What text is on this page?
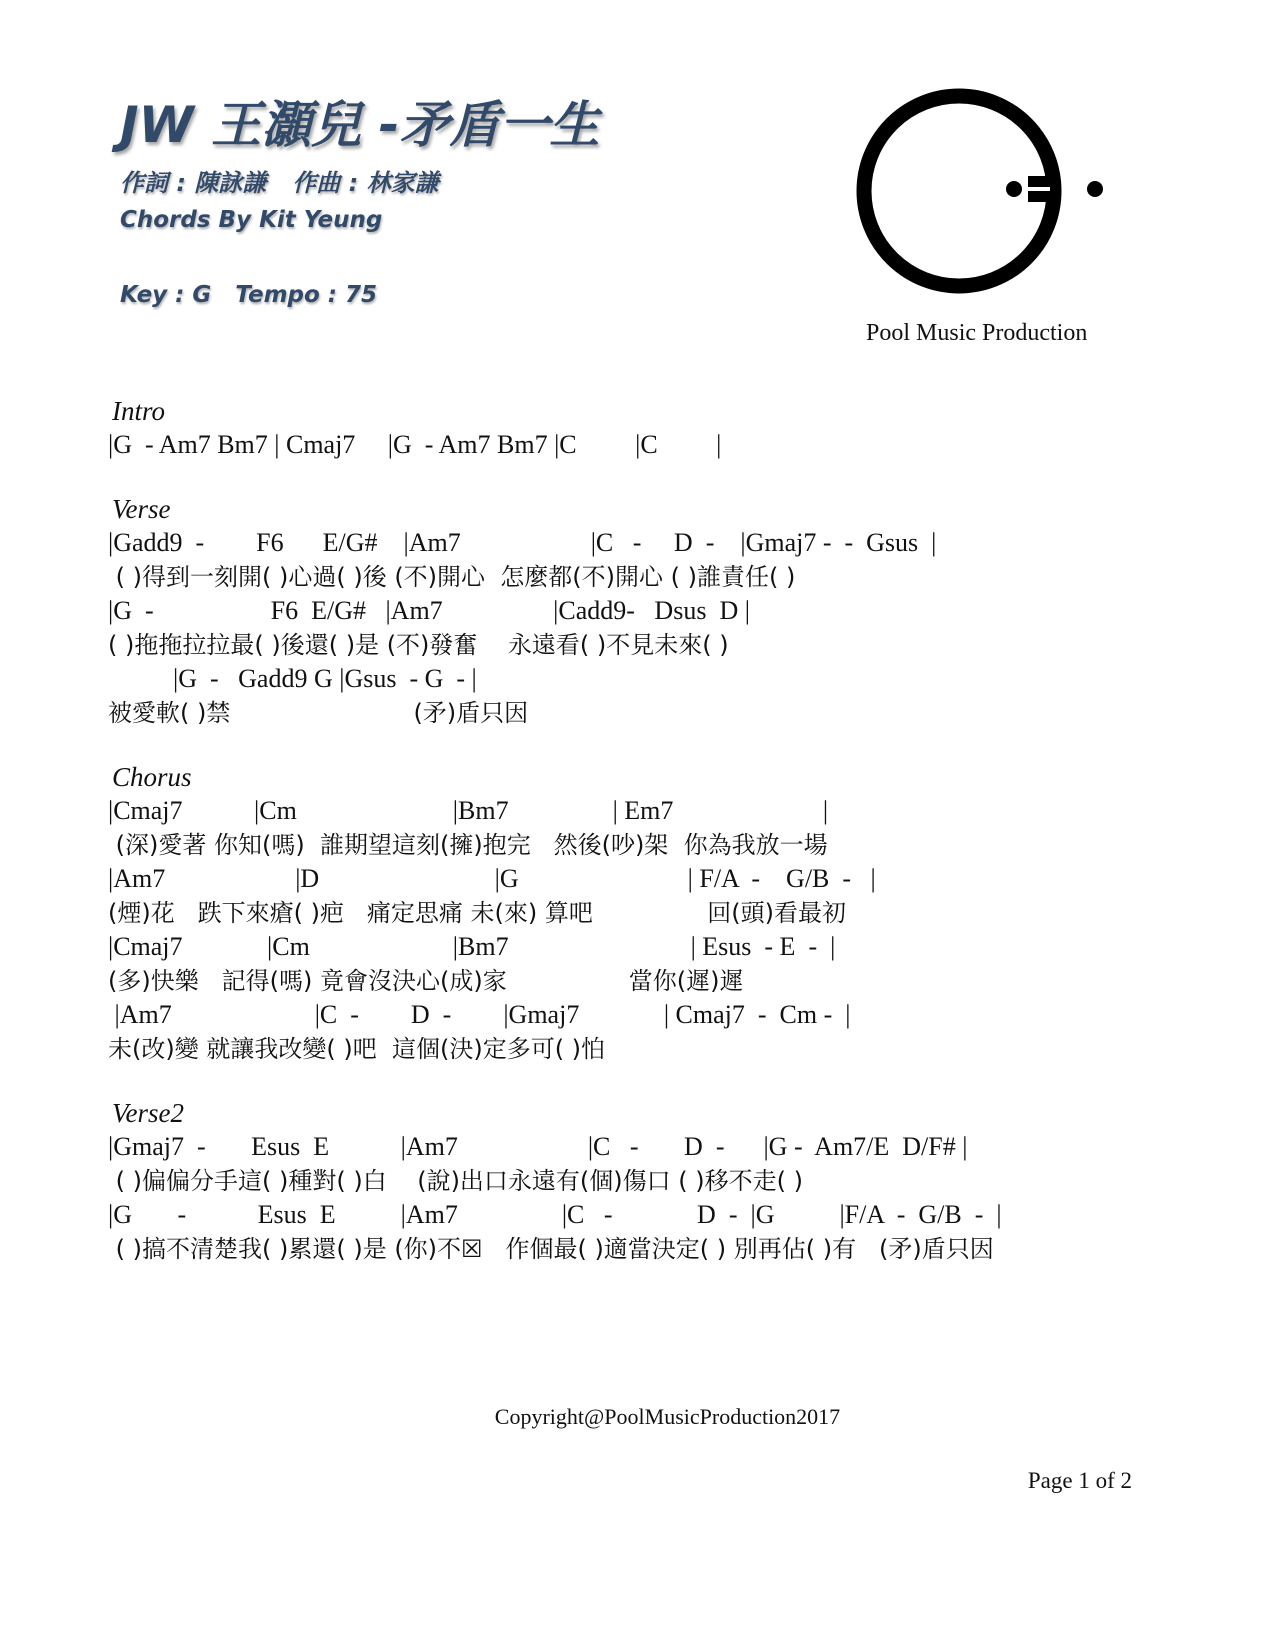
JW 王灝兒 -矛盾一生
作詞 : 陳詠謙 作曲 : 林家謙
Chords By Kit Yeung
Key : G Tempo : 75
Pool Music Production
Intro
|G  - Am7 Bm7 | Cmaj7     |G  - Am7 Bm7 |C         |C         |
Verse
|Gadd9  -        F6      E/G#    |Am7                    |C   -     D  -    |Gmaj7 -  -  Gsus  |
( )得到一刻開( )心過( )後 (不)開心  怎麼都(不)開心 ( )誰責任( )
|G  -                  F6  E/G#   |Am7                 |Cadd9-   Dsus  D |
( )拖拖拉拉最( )後還( )是 (不)發奮    永遠看( )不見未來( )
|G  -   Gadd9 G |Gsus  - G  - |
被愛軟( )禁                        (矛)盾只因
Chorus
|Cmaj7           |Cm                        |Bm7                | Em7                       |
(深)愛著 你知(嗎)  誰期望這刻(擁)抱完   然後(吵)架  你為我放一場
|Am7                    |D                           |G                          | F/A  -    G/B  -   |
(煙)花   跌下來瘡( )疤   痛定思痛 未(來) 算吧               回(頭)看最初
|Cmaj7             |Cm                      |Bm7                            | Esus  - E  -  |
(多)快樂   記得(嗎) 竟會沒決心(成)家                當你(遲)遲
|Am7                      |C  -        D  -        |Gmaj7             | Cmaj7  -  Cm -  |
未(改)變 就讓我改變( )吧  這個(決)定多可( )怕
Verse2
|Gmaj7  -       Esus  E           |Am7                    |C   -       D  -      |G -  Am7/E  D/F# |
( )偏偏分手這( )種對( )白    (說)出口永遠有(個)傷口 ( )移不走( )
|G       -           Esus  E          |Am7                |C   -             D  -  |G          |F/A  -  G/B  -  |
( )搞不清楚我( )累還( )是 (你)不☒   作個最( )適當決定( ) 別再佔( )有   (矛)盾只因
Copyright@PoolMusicProduction2017
Page 1 of 2
